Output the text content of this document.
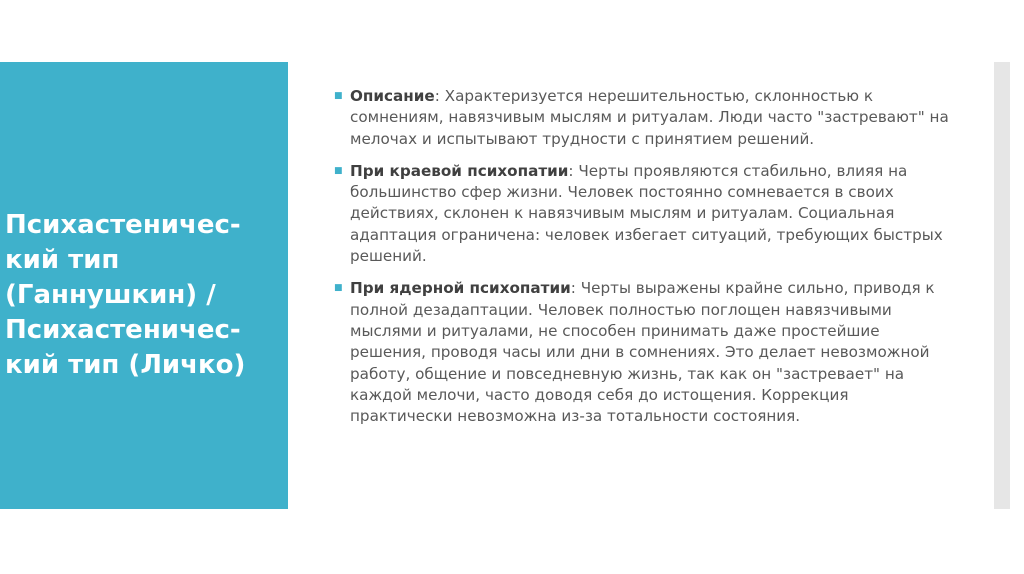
Психастеничес-
кий тип
(Ганнушкин) /
Психастеничес-
кий тип (Личко)
■ Описание: Характеризуется нерешительностью, склонностью к сомнениям, навязчивым мыслям и ритуалам. Люди часто "застревают" на мелочах и испытывают трудности с принятием решений.
■ При краевой психопатии: Черты проявляются стабильно, влияя на большинство сфер жизни. Человек постоянно сомневается в своих действиях, склонен к навязчивым мыслям и ритуалам. Социальная адаптация ограничена: человек избегает ситуаций, требующих быстрых решений.
■ При ядерной психопатии: Черты выражены крайне сильно, приводя к полной дезадаптации. Человек полностью поглощен навязчивыми мыслями и ритуалами, не способен принимать даже простейшие решения, проводя часы или дни в сомнениях. Это делает невозможной работу, общение и повседневную жизнь, так как он "застревает" на каждой мелочи, часто доводя себя до истощения. Коррекция практически невозможна из-за тотальности состояния.
